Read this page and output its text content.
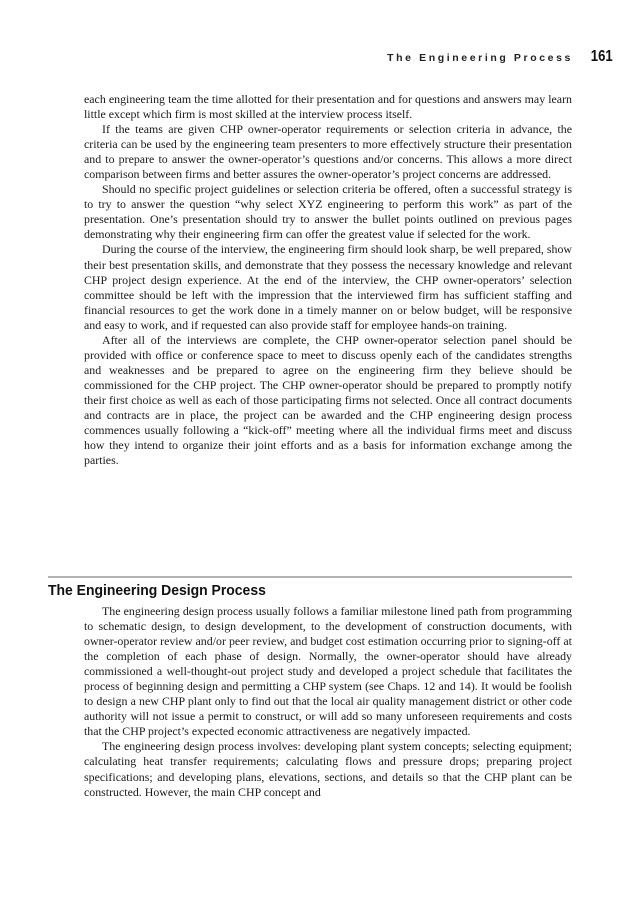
The Engineering Process 161

each engineering team the time allotted for their presentation and for questions and answers may learn little except which firm is most skilled at the interview process itself.

If the teams are given CHP owner-operator requirements or selection criteria in advance, the criteria can be used by the engineering team presenters to more effectively structure their presentation and to prepare to answer the owner-operator’s questions and/or concerns. This allows a more direct comparison between firms and better assures the owner-operator’s project concerns are addressed.

Should no specific project guidelines or selection criteria be offered, often a successful strategy is to try to answer the question “why select XYZ engineering to perform this work” as part of the presentation. One’s presentation should try to answer the bullet points outlined on previous pages demonstrating why their engineering firm can offer the greatest value if selected for the work.

During the course of the interview, the engineering firm should look sharp, be well prepared, show their best presentation skills, and demonstrate that they possess the necessary knowledge and relevant CHP project design experience. At the end of the interview, the CHP owner-operators’ selection committee should be left with the impression that the interviewed firm has sufficient staffing and financial resources to get the work done in a timely manner on or below budget, will be responsive and easy to work, and if requested can also provide staff for employee hands-on training.

After all of the interviews are complete, the CHP owner-operator selection panel should be provided with office or conference space to meet to discuss openly each of the candidates strengths and weaknesses and be prepared to agree on the engineering firm they believe should be commissioned for the CHP project. The CHP owner-operator should be prepared to promptly notify their first choice as well as each of those participating firms not selected. Once all contract documents and contracts are in place, the project can be awarded and the CHP engineering design process commences usually following a “kick-off” meeting where all the individual firms meet and discuss how they intend to organize their joint efforts and as a basis for information exchange among the parties.

The Engineering Design Process

The engineering design process usually follows a familiar milestone lined path from programming to schematic design, to design development, to the development of construction documents, with owner-operator review and/or peer review, and budget cost estimation occurring prior to signing-off at the completion of each phase of design. Normally, the owner-operator should have already commissioned a well-thought-out project study and developed a project schedule that facilitates the process of beginning design and permitting a CHP system (see Chaps. 12 and 14). It would be foolish to design a new CHP plant only to find out that the local air quality management district or other code authority will not issue a permit to construct, or will add so many unforeseen requirements and costs that the CHP project’s expected economic attractiveness are negatively impacted.

The engineering design process involves: developing plant system concepts; selecting equipment; calculating heat transfer requirements; calculating flows and pressure drops; preparing project specifications; and developing plans, elevations, sections, and details so that the CHP plant can be constructed. However, the main CHP concept and
